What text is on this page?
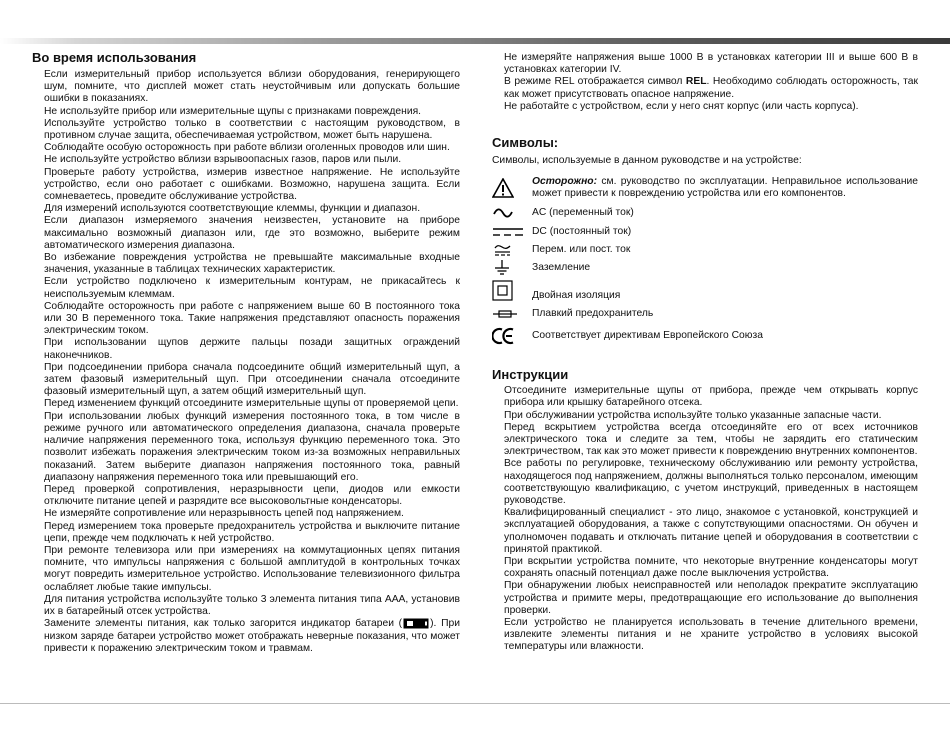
Во время использования

Если измерительный прибор используется вблизи оборудования, генерирующего шум, помните, что дисплей может стать неустойчивым или допускать большие ошибки в показаниях.

Не используйте прибор или измерительные щупы с признаками повреждения.

Используйте устройство только в соответствии с настоящим руководством, в противном случае защита, обеспечиваемая устройством, может быть нарушена.

Соблюдайте особую осторожность при работе вблизи оголенных проводов или шин.

Не используйте устройство вблизи взрывоопасных газов, паров или пыли.

Проверьте работу устройства, измерив известное напряжение. Не используйте устройство, если оно работает с ошибками. Возможно, нарушена защита. Если сомневаетесь, проведите обслуживание устройства.

Для измерений используются соответствующие клеммы, функции и диапазон.

Если диапазон измеряемого значения неизвестен, установите на приборе максимально возможный диапазон или, где это возможно, выберите режим автоматического измерения диапазона.

Во избежание повреждения устройства не превышайте максимальные входные значения, указанные в таблицах технических характеристик.

Если устройство подключено к измерительным контурам, не прикасайтесь к неиспользуемым клеммам.

Соблюдайте осторожность при работе с напряжением выше 60 В постоянного тока или 30 В переменного тока. Такие напряжения представляют опасность поражения электрическим током.

При использовании щупов держите пальцы позади защитных ограждений наконечников.

При подсоединении прибора сначала подсоедините общий измерительный щуп, а затем фазовый измерительный щуп. При отсоединении сначала отсоедините фазовый измерительный щуп, а затем общий измерительный щуп.

Перед изменением функций отсоедините измерительные щупы от проверяемой цепи.

При использовании любых функций измерения постоянного тока, в том числе в режиме ручного или автоматического определения диапазона, сначала проверьте наличие напряжения переменного тока, используя функцию переменного тока. Это позволит избежать поражения электрическим током из-за возможных неправильных показаний. Затем выберите диапазон напряжения постоянного тока, равный диапазону напряжения переменного тока или превышающий его.

Перед проверкой сопротивления, неразрывности цепи, диодов или емкости отключите питание цепей и разрядите все высоковольтные конденсаторы.

Не измеряйте сопротивление или неразрывность цепей под напряжением.

Перед измерением тока проверьте предохранитель устройства и выключите питание цепи, прежде чем подключать к ней устройство.

При ремонте телевизора или при измерениях на коммутационных цепях питания помните, что импульсы напряжения с большой амплитудой в контрольных точках могут повредить измерительное устройство. Использование телевизионного фильтра ослабляет любые такие импульсы.

Для питания устройства используйте только 3 элемента питания типа AAA, установив их в батарейный отсек устройства.

Замените элементы питания, как только загорится индикатор батареи (	). При низком заряде батареи устройство может отображать неверные показания, что может привести к поражению электрическим током и травмам.

Не измеряйте напряжения выше 1000 В в установках категории III и выше 600 В в установках категории IV.

В режиме REL отображается символ REL. Необходимо соблюдать осторожность, так как может присутствовать опасное напряжение.

Не работайте с устройством, если у него снят корпус (или часть корпуса).

Символы:
Символы, используемые в данном руководстве и на устройстве:
	Осторожно: см. руководство по эксплуатации. Неправильное использование может привести к повреждению устройства или его компонентов.

	AC (переменный ток)

	DC (постоянный ток)

	Перем. или пост. ток

	Заземление

	Двойная изоляция

	Плавкий предохранитель

	Соответствует директивам Европейского Союза
Инструкции

Отсоедините измерительные щупы от прибора, прежде чем открывать корпус прибора или крышку батарейного отсека.

При обслуживании устройства используйте только указанные запасные части.

Перед вскрытием устройства всегда отсоединяйте его от всех источников электрического тока и следите за тем, чтобы не зарядить его статическим электричеством, так как это может привести к повреждению внутренних компонентов.

Все работы по регулировке, техническому обслуживанию или ремонту устройства, находящегося под напряжением, должны выполняться только персоналом, имеющим соответствующую квалификацию, с учетом инструкций, приведенных в настоящем руководстве.

Квалифицированный специалист - это лицо, знакомое с установкой, конструкцией и эксплуатацией оборудования, а также с сопутствующими опасностями. Он обучен и уполномочен подавать и отключать питание цепей и оборудования в соответствии с принятой практикой.

При вскрытии устройства помните, что некоторые внутренние конденсаторы могут сохранять опасный потенциал даже после выключения устройства.

При обнаружении любых неисправностей или неполадок прекратите эксплуатацию устройства и примите меры, предотвращающие его использование до выполнения проверки.

Если устройство не планируется использовать в течение длительного времени, извлеките элементы питания и не храните устройство в условиях высокой температуры или влажности.
